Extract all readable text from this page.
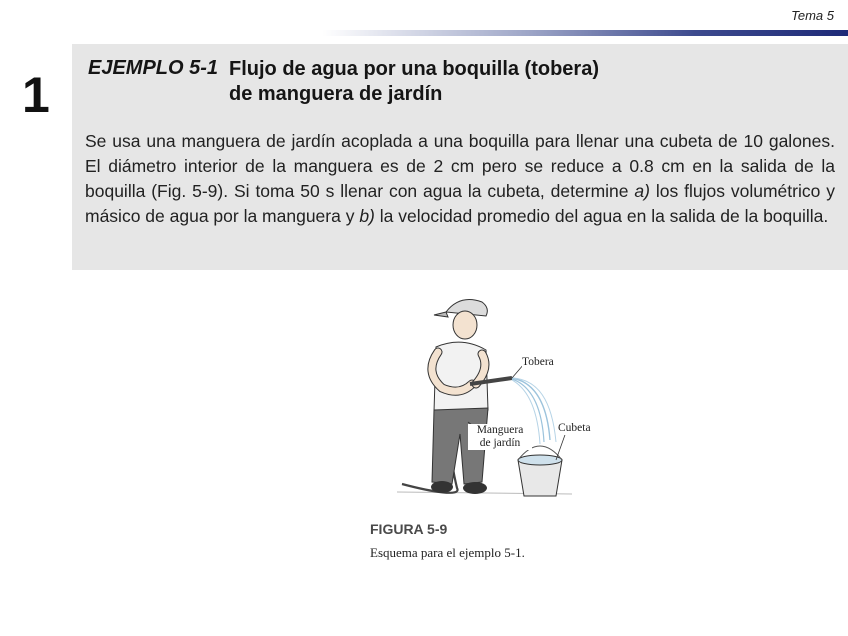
Tema 5
1 EJEMPLO 5-1 Flujo de agua por una boquilla (tobera)
de manguera de jardín
Se usa una manguera de jardín acoplada a una boquilla para llenar una cubeta de 10 galones. El diámetro interior de la manguera es de 2 cm pero se reduce a 0.8 cm en la salida de la boquilla (Fig. 5-9). Si toma 50 s llenar con agua la cubeta, determine a) los flujos volumétrico y másico de agua por la manguera y b) la velocidad promedio del agua en la salida de la boquilla.
Tobera
Manguera
de jardín
Cubeta
FIGURA 5-9
Esquema para el ejemplo 5-1.
